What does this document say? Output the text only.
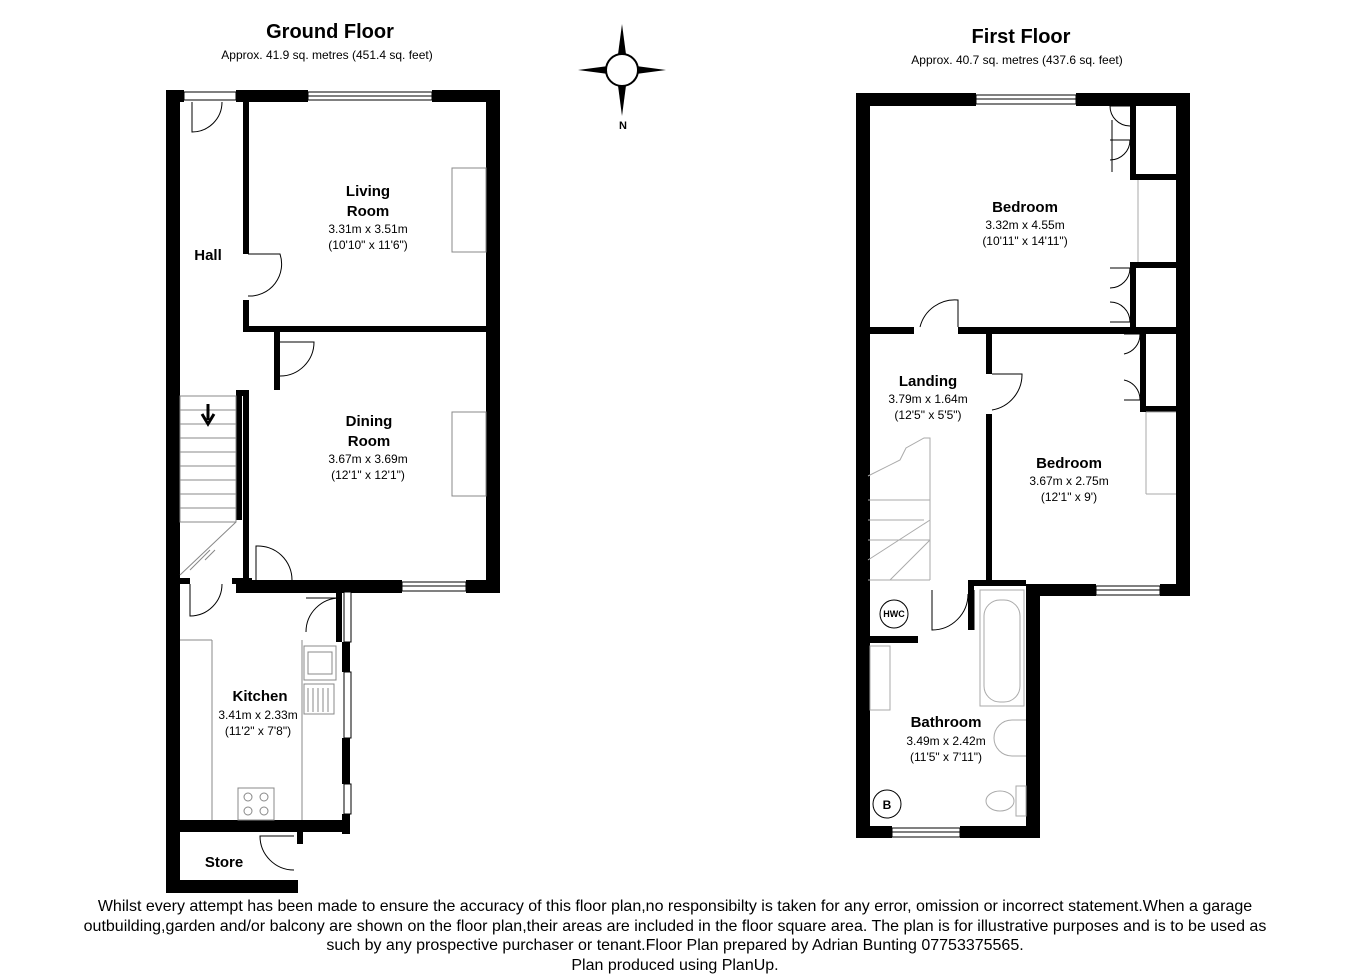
Ground Floor
Approx. 41.9 sq. metres (451.4 sq. feet)
Hall
Living
Room
3.31m x 3.51m
(10'10" x 11'6")
Dining
Room
3.67m x 3.69m
(12'1" x 12'1")
Kitchen
3.41m x 2.33m
(11'2" x 7'8")
Store
N
First Floor
Approx. 40.7 sq. metres (437.6 sq. feet)
HWC
B
Bedroom
3.32m x 4.55m
(10'11" x 14'11")
Landing
3.79m x 1.64m
(12'5" x 5'5")
Bedroom
3.67m x 2.75m
(12'1" x 9')
Bathroom
3.49m x 2.42m
(11'5" x 7'11")
Whilst every attempt has been made to ensure the accuracy of this floor plan,no responsibilty is taken for any error, omission or incorrect statement.When a garage
outbuilding,garden and/or balcony are shown on the floor plan,their areas are included in the floor square area. The plan is for illustrative purposes and is to be used as
such by any prospective purchaser or tenant.Floor Plan prepared by Adrian Bunting 07753375565.
Plan produced using PlanUp.
